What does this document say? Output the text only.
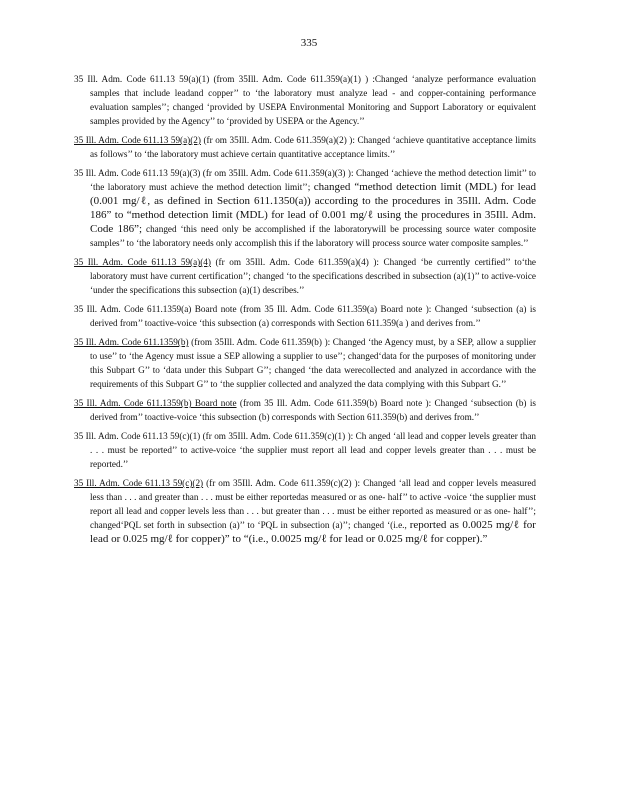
335

35 Ill. Adm. Code 611.13 59(a)(1) (from 35Ill. Adm. Code 611.359(a)(1) ) :Changed ‘analyze performance evaluation samples that include leadand copper’’ to ‘the laboratory must analyze lead - and copper-containing performance evaluation samples’’; changed ‘provided by USEPA Environmental Monitoring and Support Laboratory or equivalent samples provided by the Agency’’ to ‘provided by USEPA or the Agency.’’

35 Ill. Adm. Code 611.13 59(a)(2) (fr om 35Ill. Adm. Code 611.359(a)(2) ): Changed ‘achieve quantitative acceptance limits as follows’’ to ‘the laboratory must achieve certain quantitative acceptance limits.’’

35 Ill. Adm. Code 611.13 59(a)(3) (fr om 35Ill. Adm. Code 611.359(a)(3) ): Changed ‘achieve the method detection limit’’ to ‘the laboratory must achieve the method detection limit’’; changed “method detection limit (MDL) for lead (0.001 mg/ℓ, as defined in Section 611.1350(a)) according to the procedures in 35Ill. Adm. Code 186” to “method detection limit (MDL) for lead of 0.001 mg/ℓ using the procedures in 35Ill. Adm. Code 186”; changed ‘this need only be accomplished if the laboratorywill be processing source water composite samples’’ to ‘the laboratory needs only accomplish this if the laboratory will process source water composite samples.’’

35 Ill. Adm. Code 611.13 59(a)(4) (fr om 35Ill. Adm. Code 611.359(a)(4) ): Changed ‘be currently certified’’ to‘the laboratory must have current certification’’; changed ‘to the specifications described in subsection (a)(1)’’ to active-voice ‘under the specifications this subsection (a)(1) describes.’’

35 Ill. Adm. Code 611.1359(a) Board note (from 35 Ill. Adm. Code 611.359(a) Board note ): Changed ‘subsection (a) is derived from’’ toactive-voice ‘this subsection (a) corresponds with Section 611.359(a ) and derives from.’’

35 Ill. Adm. Code 611.1359(b) (from 35Ill. Adm. Code 611.359(b) ): Changed ‘the Agency must, by a SEP, allow a supplier to use’’ to ‘the Agency must issue a SEP allowing a supplier to use’’; changed‘data for the purposes of monitoring under this Subpart G’’ to ‘data under this Subpart G’’; changed ‘the data werecollected and analyzed in accordance with the requirements of this Subpart G’’ to ‘the supplier collected and analyzed the data complying with this Subpart G.’’

35 Ill. Adm. Code 611.1359(b) Board note (from 35 Ill. Adm. Code 611.359(b) Board note ): Changed ‘subsection (b) is derived from’’ toactive-voice ‘this subsection (b) corresponds with Section 611.359(b) and derives from.’’

35 Ill. Adm. Code 611.13 59(c)(1) (fr om 35Ill. Adm. Code 611.359(c)(1) ): Ch anged ‘all lead and copper levels greater than . . . must be reported’’ to active-voice ‘the supplier must report all lead and copper levels greater than . . . must be reported.’’

35 Ill. Adm. Code 611.13 59(c)(2) (fr om 35Ill. Adm. Code 611.359(c)(2) ): Changed ‘all lead and copper levels measured less than . . . and greater than . . . must be either reportedas measured or as one- half’’ to active -voice ‘the supplier must report all lead and copper levels less than . . . but greater than . . . must be either reported as measured or as one- half’’; changed‘PQL set forth in subsection (a)’’ to ‘PQL in subsection (a)’’; changed ‘(i.e., reported as 0.0025 mg/ℓ for lead or 0.025 mg/ℓ for copper)” to “(i.e., 0.0025 mg/ℓ for lead or 0.025 mg/ℓ for copper).”
